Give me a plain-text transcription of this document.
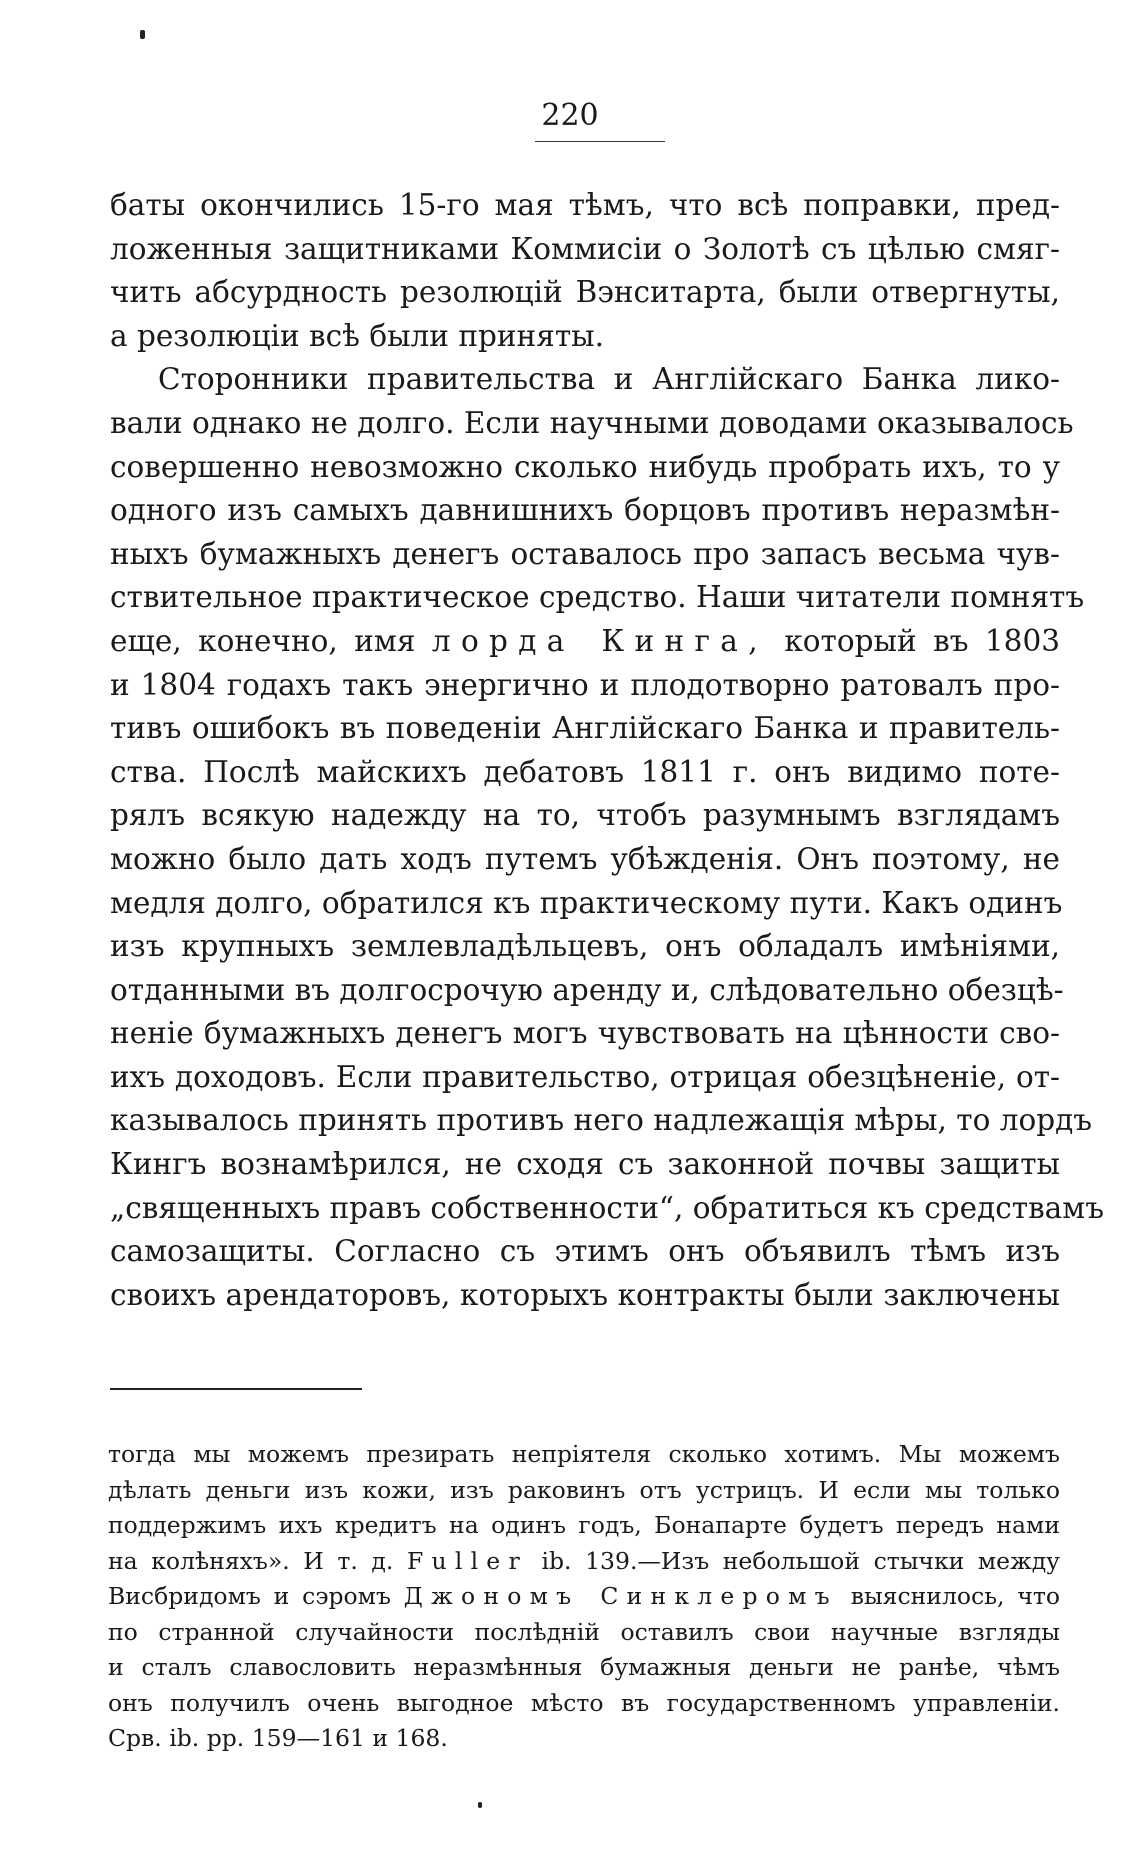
220
баты окончились 15-го мая тѣмъ, что всѣ поправки, пред-
ложенныя защитниками Коммисіи о Золотѣ съ цѣлью смяг-
чить абсурдность резолюцій Вэнситарта, были отвергнуты,
а резолюціи всѣ были приняты.
Сторонники правительства и Англійскаго Банка лико-
вали однако не долго. Если научными доводами оказывалось
совершенно невозможно сколько нибудь пробрать ихъ, то у
одного изъ самыхъ давнишнихъ борцовъ противъ неразмѣн-
ныхъ бумажныхъ денегъ оставалось про запасъ весьма чув-
ствительное практическое средство. Наши читатели помнятъ
еще, конечно, имя лорда Кинга, который въ 1803
и 1804 годахъ такъ энергично и плодотворно ратовалъ про-
тивъ ошибокъ въ поведеніи Англійскаго Банка и правитель-
ства. Послѣ майскихъ дебатовъ 1811 г. онъ видимо поте-
рялъ всякую надежду на то, чтобъ разумнымъ взглядамъ
можно было дать ходъ путемъ убѣжденія. Онъ поэтому, не
медля долго, обратился къ практическому пути. Какъ одинъ
изъ крупныхъ землевладѣльцевъ, онъ обладалъ имѣніями,
отданными въ долгосрочую аренду и, слѣдовательно обезцѣ-
неніе бумажныхъ денегъ могъ чувствовать на цѣнности сво-
ихъ доходовъ. Если правительство, отрицая обезцѣненіе, от-
казывалось принять противъ него надлежащія мѣры, то лордъ
Кингъ вознамѣрился, не сходя съ законной почвы защиты
„священныхъ правъ собственности“, обратиться къ средствамъ
самозащиты. Согласно съ этимъ онъ объявилъ тѣмъ изъ
своихъ арендаторовъ, которыхъ контракты были заключены
тогда мы можемъ презирать непріятеля сколько хотимъ. Мы можемъ
дѣлать деньги изъ кожи, изъ раковинъ отъ устрицъ. И если мы только
поддержимъ ихъ кредитъ на одинъ годъ, Бонапарте будетъ передъ нами
на колѣняхъ». И т. д. Fuller ib. 139.—Изъ небольшой стычки между
Висбридомъ и сэромъ Джономъ Синклеромъ выяснилось, что
по странной случайности послѣдній оставилъ свои научные взгляды
и сталъ славословить неразмѣнныя бумажныя деньги не ранѣе, чѣмъ
онъ получилъ очень выгодное мѣсто въ государственномъ управленіи.
Срв. ib. pp. 159—161 и 168.
